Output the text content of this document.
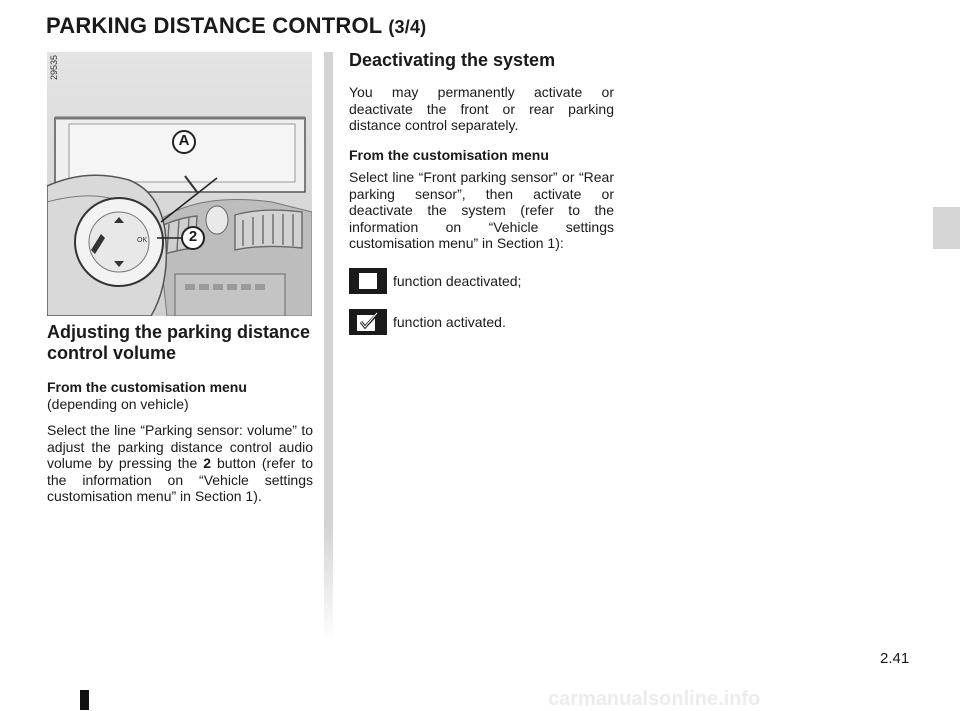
PARKING DISTANCE CONTROL (3/4)
29535
A
2
OK
Adjusting the parking distance control volume

From the customisation menu
(depending on vehicle)

Select the line “Parking sensor: volume” to adjust the parking distance control audio volume by pressing the 2 button (refer to the information on “Vehicle settings customisation menu” in Section 1).

Deactivating the system

You may permanently activate or deactivate the front or rear parking distance control separately.

From the customisation menu

Select line “Front parking sensor” or “Rear parking sensor”, then activate or deactivate the system (refer to the information on “Vehicle settings customisation menu” in Section 1):

function deactivated;
function activated.
2.41
carmanualsonline.info
